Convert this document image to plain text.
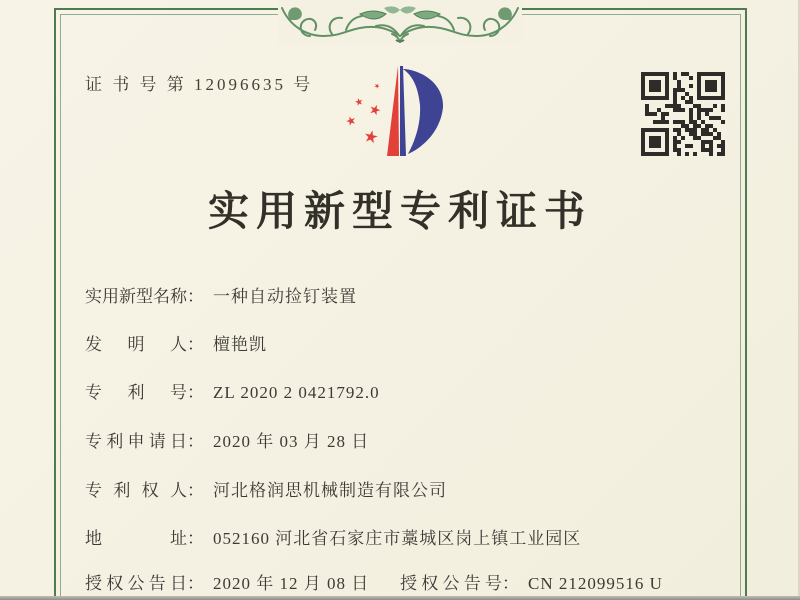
证 书 号 第 12096635 号
实用新型专利证书
实用新型名称： 一种自动捡钉装置
发明人： 檀艳凯
专利号： ZL 2020 2 0421792.0
专利申请日： 2020 年 03 月 28 日
专利权人： 河北格润思机械制造有限公司
地址： 052160 河北省石家庄市藁城区岗上镇工业园区
授权公告日： 2020 年 12 月 08 日 授权公告号： CN 212099516 U
